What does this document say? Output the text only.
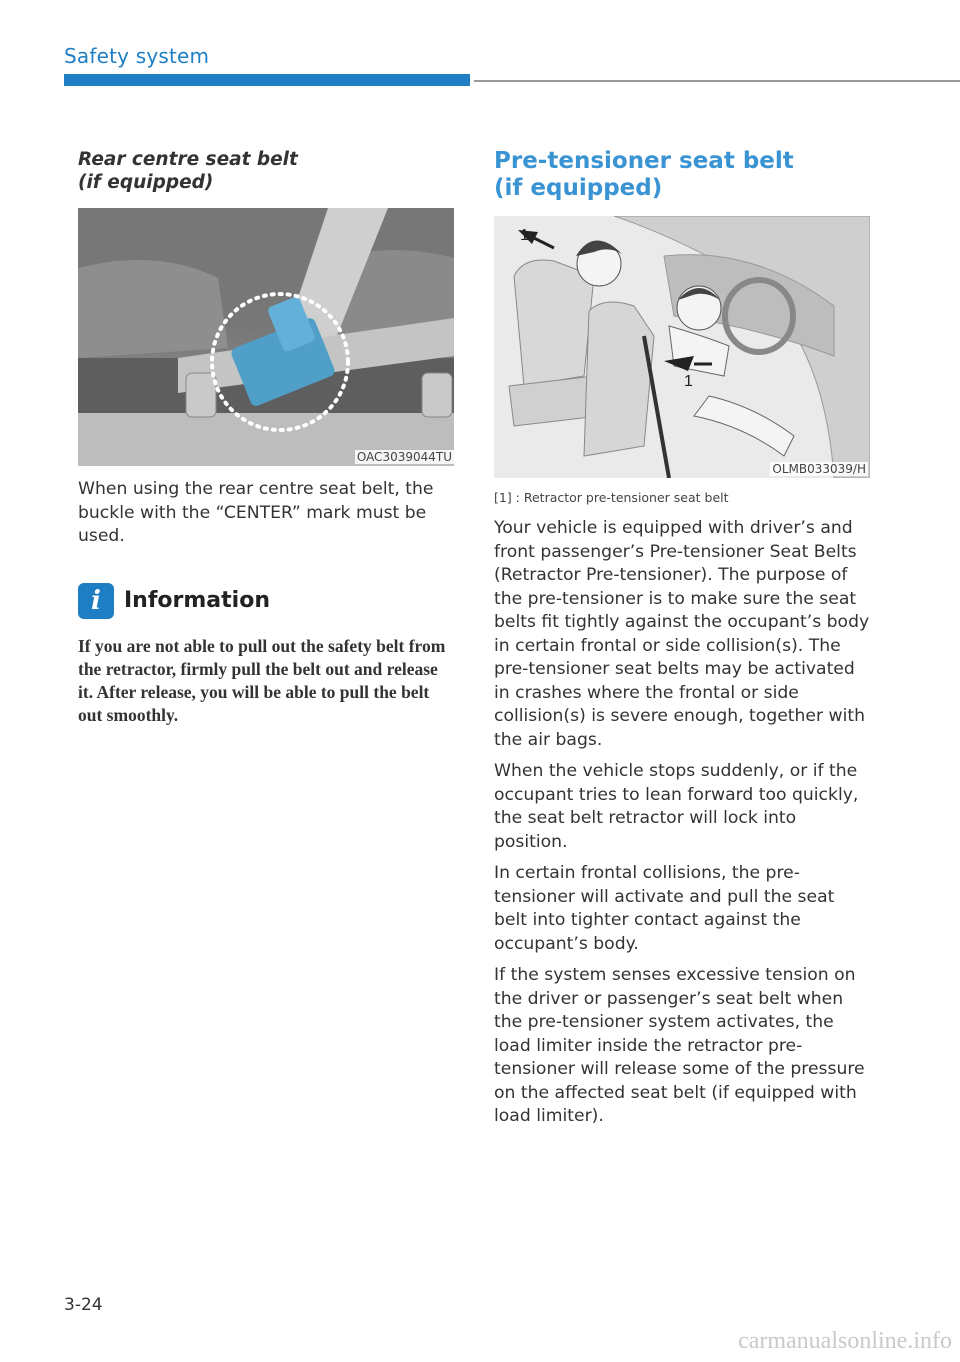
Safety system
Rear centre seat belt
(if equipped)
OAC3039044TU

When using the rear centre seat belt, the buckle with the “CENTER” mark must be used.

i	Information

If you are not able to pull out the safety belt from the retractor, firmly pull the belt out and release it. After release, you will be able to pull the belt out smoothly.

Pre-tensioner seat belt
(if equipped)
1
1
OLMB033039/H
[1] : Retractor pre-tensioner seat belt

Your vehicle is equipped with driver’s and front passenger’s Pre-tensioner Seat Belts (Retractor Pre-tensioner). The purpose of the pre-tensioner is to make sure the seat belts fit tightly against the occupant’s body in certain frontal or side collision(s). The pre-tensioner seat belts may be activated in crashes where the frontal or side collision(s) is severe enough, together with the air bags.

When the vehicle stops suddenly, or if the occupant tries to lean forward too quickly, the seat belt retractor will lock into position.

In certain frontal collisions, the pre-tensioner will activate and pull the seat belt into tighter contact against the occupant’s body.

If the system senses excessive tension on the driver or passenger’s seat belt when the pre-tensioner system activates, the load limiter inside the retractor pre-tensioner will release some of the pressure on the affected seat belt (if equipped with load limiter).

3-24
carmanualsonline.info
